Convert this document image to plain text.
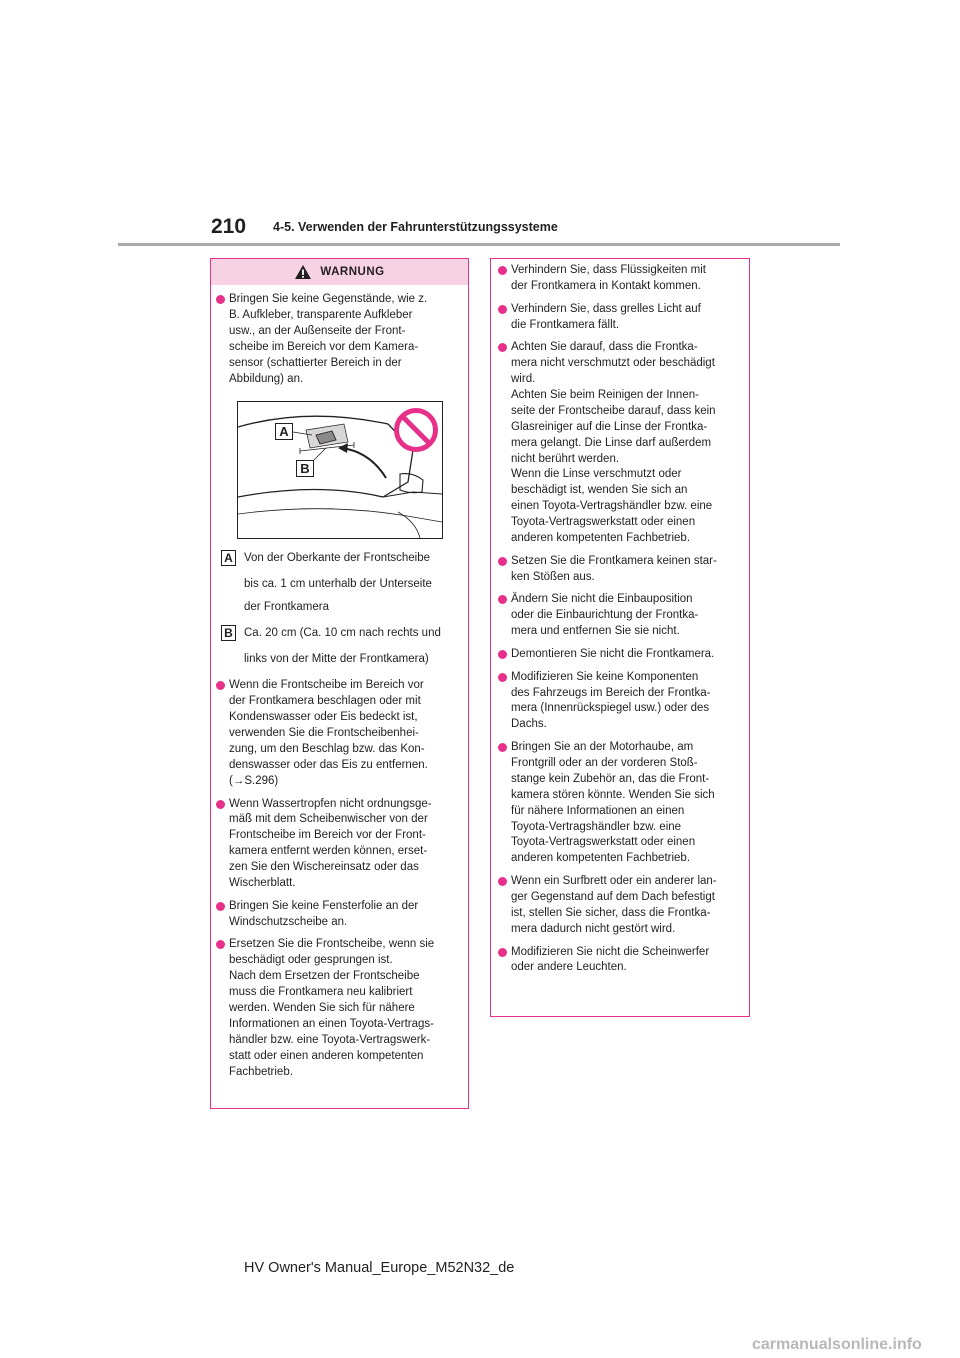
210 4-5. Verwenden der Fahrunterstützungssysteme
WARNUNG
Bringen Sie keine Gegenstände, wie z.
B. Aufkleber, transparente Aufkleber
usw., an der Außenseite der Front-
scheibe im Bereich vor dem Kamera-
sensor (schattierter Bereich in der
Abbildung) an.
A
B
A Von der Oberkante der Frontscheibe
bis ca. 1 cm unterhalb der Unterseite
der Frontkamera
B Ca. 20 cm (Ca. 10 cm nach rechts und
links von der Mitte der Frontkamera)
Wenn die Frontscheibe im Bereich vor
der Frontkamera beschlagen oder mit
Kondenswasser oder Eis bedeckt ist,
verwenden Sie die Frontscheibenhei-
zung, um den Beschlag bzw. das Kon-
denswasser oder das Eis zu entfernen.
(→S.296)
Wenn Wassertropfen nicht ordnungsge-
mäß mit dem Scheibenwischer von der
Frontscheibe im Bereich vor der Front-
kamera entfernt werden können, erset-
zen Sie den Wischereinsatz oder das
Wischerblatt.
Bringen Sie keine Fensterfolie an der
Windschutzscheibe an.
Ersetzen Sie die Frontscheibe, wenn sie
beschädigt oder gesprungen ist.
Nach dem Ersetzen der Frontscheibe
muss die Frontkamera neu kalibriert
werden. Wenden Sie sich für nähere
Informationen an einen Toyota-Vertrags-
händler bzw. eine Toyota-Vertragswerk-
statt oder einen anderen kompetenten
Fachbetrieb.
Verhindern Sie, dass Flüssigkeiten mit
der Frontkamera in Kontakt kommen.
Verhindern Sie, dass grelles Licht auf
die Frontkamera fällt.
Achten Sie darauf, dass die Frontka-
mera nicht verschmutzt oder beschädigt
wird.
Achten Sie beim Reinigen der Innen-
seite der Frontscheibe darauf, dass kein
Glasreiniger auf die Linse der Frontka-
mera gelangt. Die Linse darf außerdem
nicht berührt werden.
Wenn die Linse verschmutzt oder
beschädigt ist, wenden Sie sich an
einen Toyota-Vertragshändler bzw. eine
Toyota-Vertragswerkstatt oder einen
anderen kompetenten Fachbetrieb.
Setzen Sie die Frontkamera keinen star-
ken Stößen aus.
Ändern Sie nicht die Einbauposition
oder die Einbaurichtung der Frontka-
mera und entfernen Sie sie nicht.
Demontieren Sie nicht die Frontkamera.
Modifizieren Sie keine Komponenten
des Fahrzeugs im Bereich der Frontka-
mera (Innenrückspiegel usw.) oder des
Dachs.
Bringen Sie an der Motorhaube, am
Frontgrill oder an der vorderen Stoß-
stange kein Zubehör an, das die Front-
kamera stören könnte. Wenden Sie sich
für nähere Informationen an einen
Toyota-Vertragshändler bzw. eine
Toyota-Vertragswerkstatt oder einen
anderen kompetenten Fachbetrieb.
Wenn ein Surfbrett oder ein anderer lan-
ger Gegenstand auf dem Dach befestigt
ist, stellen Sie sicher, dass die Frontka-
mera dadurch nicht gestört wird.
Modifizieren Sie nicht die Scheinwerfer
oder andere Leuchten.
HV Owner's Manual_Europe_M52N32_de
carmanualsonline.info
